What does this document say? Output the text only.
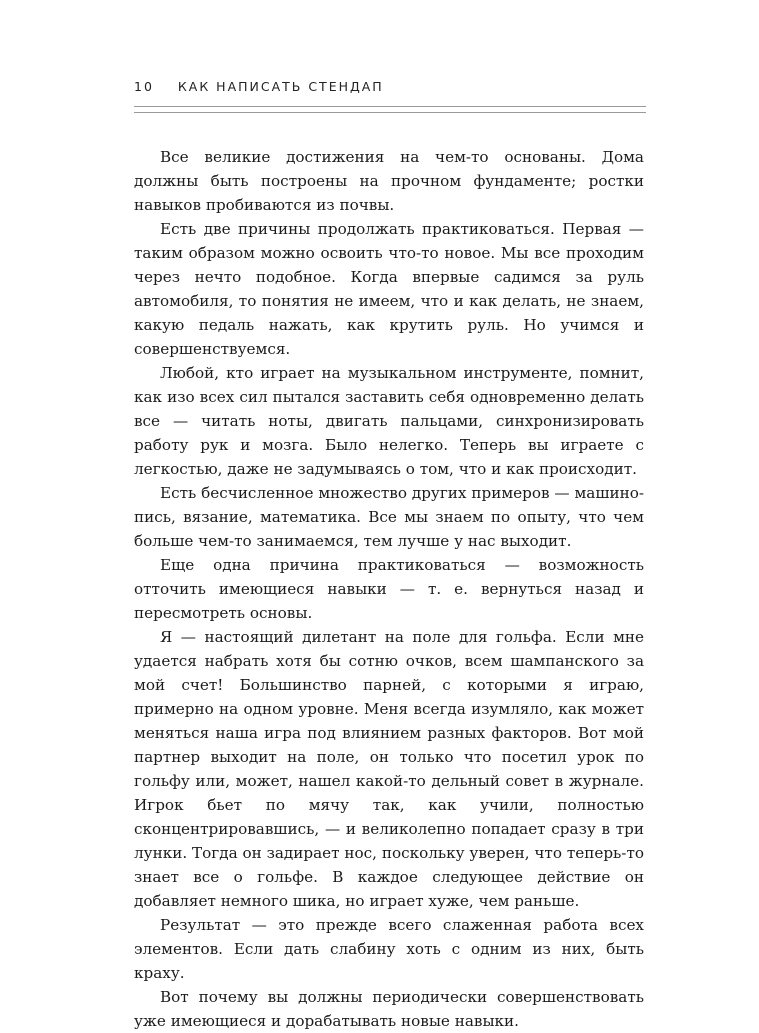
10 КАК НАПИСАТЬ СТЕНДАП

Все великие достижения на чем-то основаны. Дома должны быть построены на прочном фундаменте; ростки навыков пробиваются из почвы.

Есть две причины продолжать практиковаться. Первая — таким образом можно освоить что-то новое. Мы все проходим через нечто подобное. Когда впервые садимся за руль автомобиля, то понятия не имеем, что и как делать, не знаем, какую педаль нажать, как крутить руль. Но учимся и совершенствуемся.

Любой, кто играет на музыкальном инструменте, помнит, как изо всех сил пытался заставить себя одновременно делать все — читать ноты, двигать пальцами, синхронизировать работу рук и мозга. Было нелегко. Теперь вы играете с легкостью, даже не задумываясь о том, что и как происходит.

Есть бесчисленное множество других примеров — машинопись, вязание, математика. Все мы знаем по опыту, что чем больше чем-то занимаемся, тем лучше у нас выходит.

Еще одна причина практиковаться — возможность отточить имеющиеся навыки — т. е. вернуться назад и пересмотреть основы.

Я — настоящий дилетант на поле для гольфа. Если мне удается набрать хотя бы сотню очков, всем шампанского за мой счет! Большинство парней, с которыми я играю, примерно на одном уровне. Меня всегда изумляло, как может меняться наша игра под влиянием разных факторов. Вот мой партнер выходит на поле, он только что посетил урок по гольфу или, может, нашел какой-то дельный совет в журнале. Игрок бьет по мячу так, как учили, полностью сконцентрировавшись, — и великолепно попадает сразу в три лунки. Тогда он задирает нос, поскольку уверен, что теперь-то знает все о гольфе. В каждое следующее действие он добавляет немного шика, но играет хуже, чем раньше.

Результат — это прежде всего слаженная работа всех элементов. Если дать слабину хоть с одним из них, быть краху.

Вот почему вы должны периодически совершенствовать уже имеющиеся и дорабатывать новые навыки.
